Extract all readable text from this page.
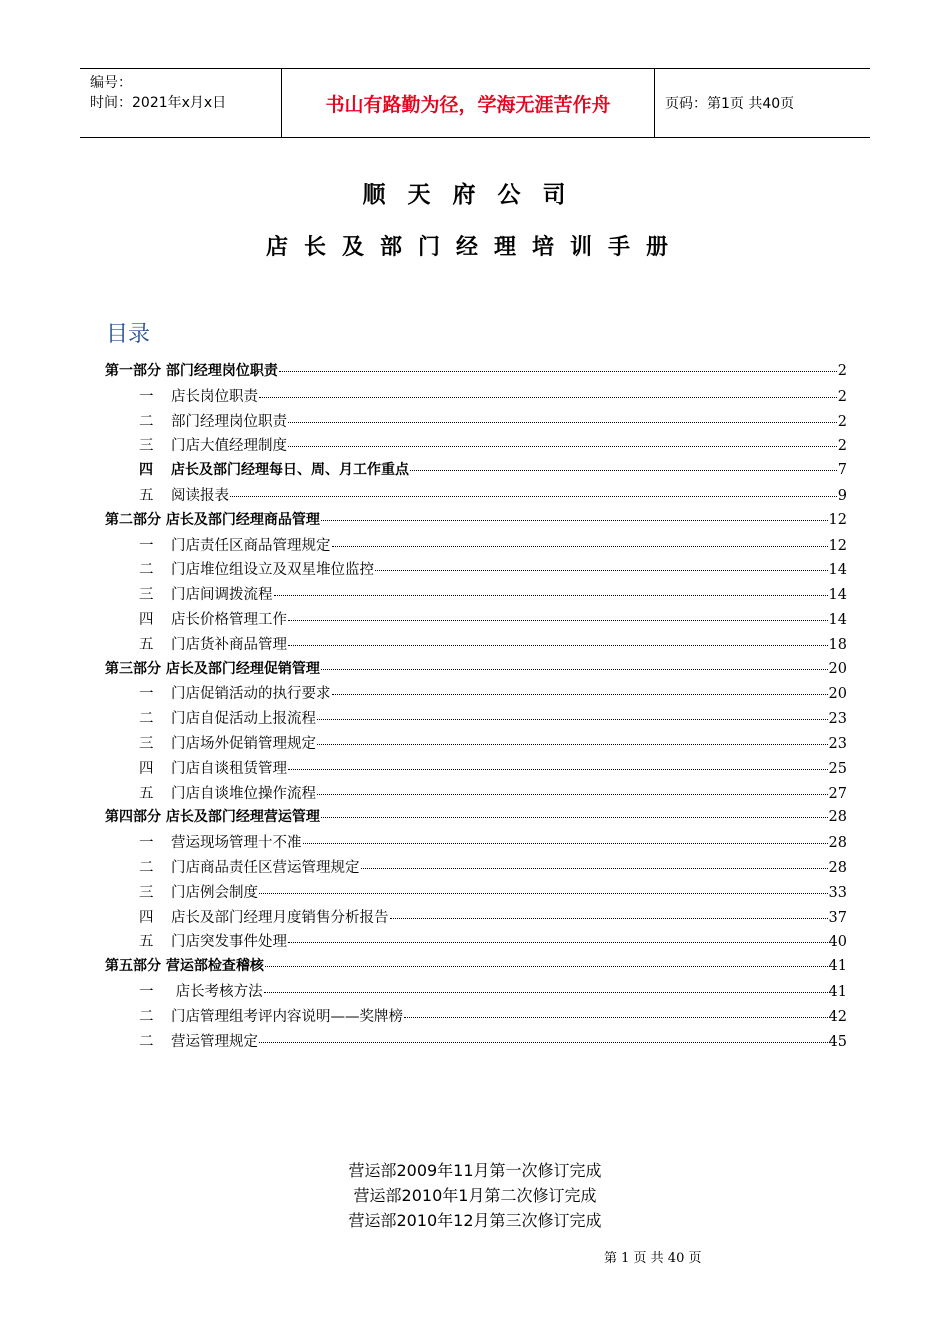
编号：
时间：2021年x月x日	书山有路勤为径，学海无涯苦作舟	页码：第1页 共40页
顺天府公司
店长及部门经理培训手册
目录
第一部分 部门经理岗位职责	2
一 店长岗位职责	2
二 部门经理岗位职责	2
三 门店大值经理制度	2
四 店长及部门经理每日、周、月工作重点	7
五 阅读报表	9
第二部分 店长及部门经理商品管理	12
一 门店责任区商品管理规定	12
二 门店堆位组设立及双星堆位监控	14
三 门店间调拨流程	14
四 店长价格管理工作	14
五 门店货补商品管理	18
第三部分 店长及部门经理促销管理	20
一 门店促销活动的执行要求	20
二 门店自促活动上报流程	23
三 门店场外促销管理规定	23
四 门店自谈租赁管理	25
五 门店自谈堆位操作流程	27
第四部分 店长及部门经理营运管理	28
一 营运现场管理十不准	28
二 门店商品责任区营运管理规定	28
三 门店例会制度	33
四 店长及部门经理月度销售分析报告	37
五 门店突发事件处理	40
第五部分 营运部检查稽核	41
一 店长考核方法	41
二 门店管理组考评内容说明——奖牌榜	42
二 营运管理规定	45
营运部2009年11月第一次修订完成
营运部2010年1月第二次修订完成
营运部2010年12月第三次修订完成
第 1 页 共 40 页
